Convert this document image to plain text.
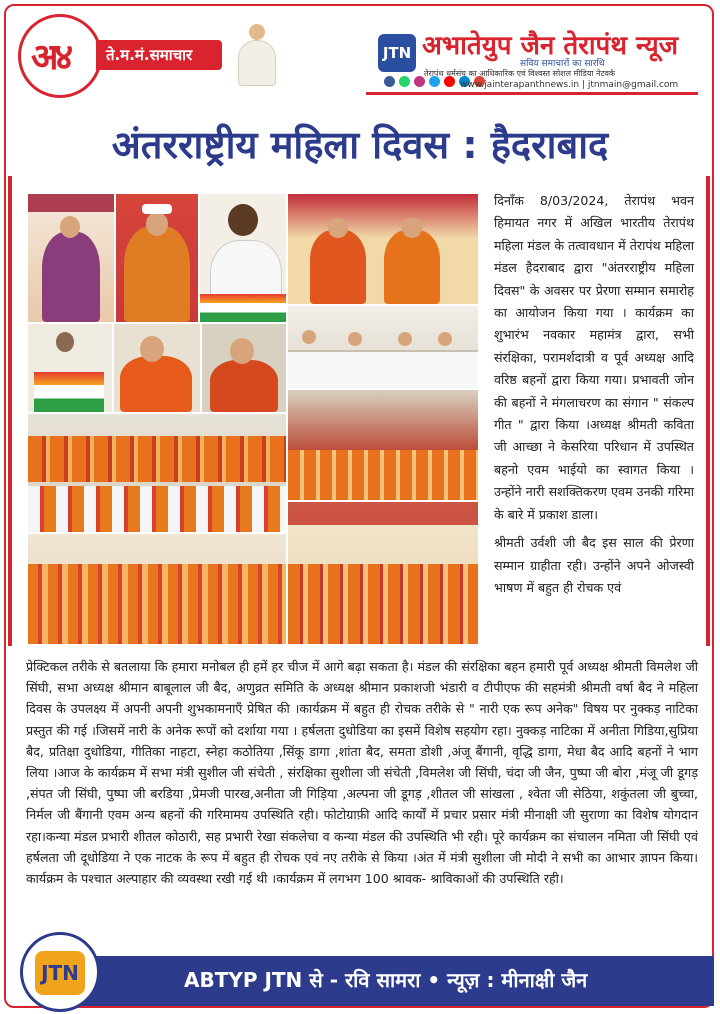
अ४	ते.म.मं.समाचार	JTN अभातेयुप जैन तेरापंथ न्यूज
सविय समाचारों का सारथि
तेरापंथ धर्मसंघ का आधिकारिक एवं विश्वस्त सोशल मीडिया नेटवर्क
www.jainterapanthnews.in | jtnmain@gmail.com
अंतरराष्ट्रीय महिला दिवस : हैदराबाद

दिनाँक 8/03/2024, तेरापंथ भवन हिमायत नगर में अखिल भारतीय तेरापंथ महिला मंडल के तत्वावधान में तेरापंथ महिला मंडल हैदराबाद द्वारा "अंतरराष्ट्रीय महिला दिवस" के अवसर पर प्रेरणा सम्मान समारोह का आयोजन किया गया । कार्यक्रम का शुभारंभ नवकार महामंत्र द्वारा, सभी संरक्षिका, परामर्शदात्री व पूर्व अध्यक्ष आदि वरिष्ठ बहनों द्वारा किया गया। प्रभावती जोन की बहनों ने मंगलाचरण का संगान " संकल्प गीत " द्वारा किया ।अध्यक्ष श्रीमती कविता जी आच्छा ने केसरिया परिधान में उपस्थित बहनो एवम भाईयो का स्वागत किया । उन्होंने नारी सशक्तिकरण एवम उनकी गरिमा के बारे में प्रकाश डाला।

श्रीमती उर्वशी जी बैद इस साल की प्रेरणा सम्मान ग्राहीता रही। उन्होंने अपने ओजस्वी भाषण में बहुत ही रोचक एवं

प्रेक्टिकल तरीके से बतलाया कि हमारा मनोबल ही हमें हर चीज में आगे बढ़ा सकता है। मंडल की संरक्षिका बहन हमारी पूर्व अध्यक्ष श्रीमती विमलेश जी सिंघी, सभा अध्यक्ष श्रीमान बाबूलाल जी बैद, अणुव्रत समिति के अध्यक्ष श्रीमान प्रकाशजी भंडारी व टीपीएफ की सहमंत्री श्रीमती वर्षा बैद ने महिला दिवस के उपलक्ष्य में अपनी अपनी शुभकामनाएँ प्रेषित की ।कार्यक्रम में बहुत ही रोचक तरीके से " नारी एक रूप अनेक" विषय पर नुक्कड़ नाटिका प्रस्तुत की गई ।जिसमें नारी के अनेक रूपों को दर्शाया गया । हर्षलता दुधोडिया का इसमें विशेष सहयोग रहा। नुक्कड़ नाटिका में अनीता गिडिया,सुप्रिया बैद, प्रतिक्षा दुधोडिया, गीतिका नाहटा, स्नेहा कठोतिया ,सिंकू डागा ,शांता बैद, समता डोशी ,अंजू बैंगानी, वृद्धि डागा, मेधा बैद आदि बहनों ने भाग लिया ।आज के कार्यक्रम में सभा मंत्री सुशील जी संचेती , संरक्षिका सुशीला जी संचेती ,विमलेश जी सिंघी, चंदा जी जैन, पुष्पा जी बोरा ,मंजू जी डूगड़ ,संपत जी सिंघी, पुष्पा जी बरडिया ,प्रेमजी पारख,अनीता जी गिड़िया ,अल्पना जी डूगड़ ,शीतल जी सांखला , श्वेता जी सेठिया, शकुंतला जी बुच्चा, निर्मल जी बैंगानी एवम अन्य बहनों की गरिमामय उपस्थिति रही। फोटोग्राफ़ी आदि कार्यों में प्रचार प्रसार मंत्री मीनाक्षी जी सुराणा का विशेष योगदान रहा।कन्या मंडल प्रभारी शीतल कोठारी, सह प्रभारी रेखा संकलेचा व कन्या मंडल की उपस्थिति भी रही। पूरे कार्यक्रम का संचालन नमिता जी सिंघी एवं हर्षलता जी दूधोडिया ने एक नाटक के रूप में बहुत ही रोचक एवं नए तरीके से किया ।अंत में मंत्री सुशीला जी मोदी ने सभी का आभार ज्ञापन किया। कार्यक्रम के पश्चात अल्पाहार की व्यवस्था रखी गई थी ।कार्यक्रम में लगभग 100 श्रावक- श्राविकाओं की उपस्थिति रही।
ABTYP JTN से - रवि सामरा • न्यूज़ : मीनाक्षी जैन
JTN
